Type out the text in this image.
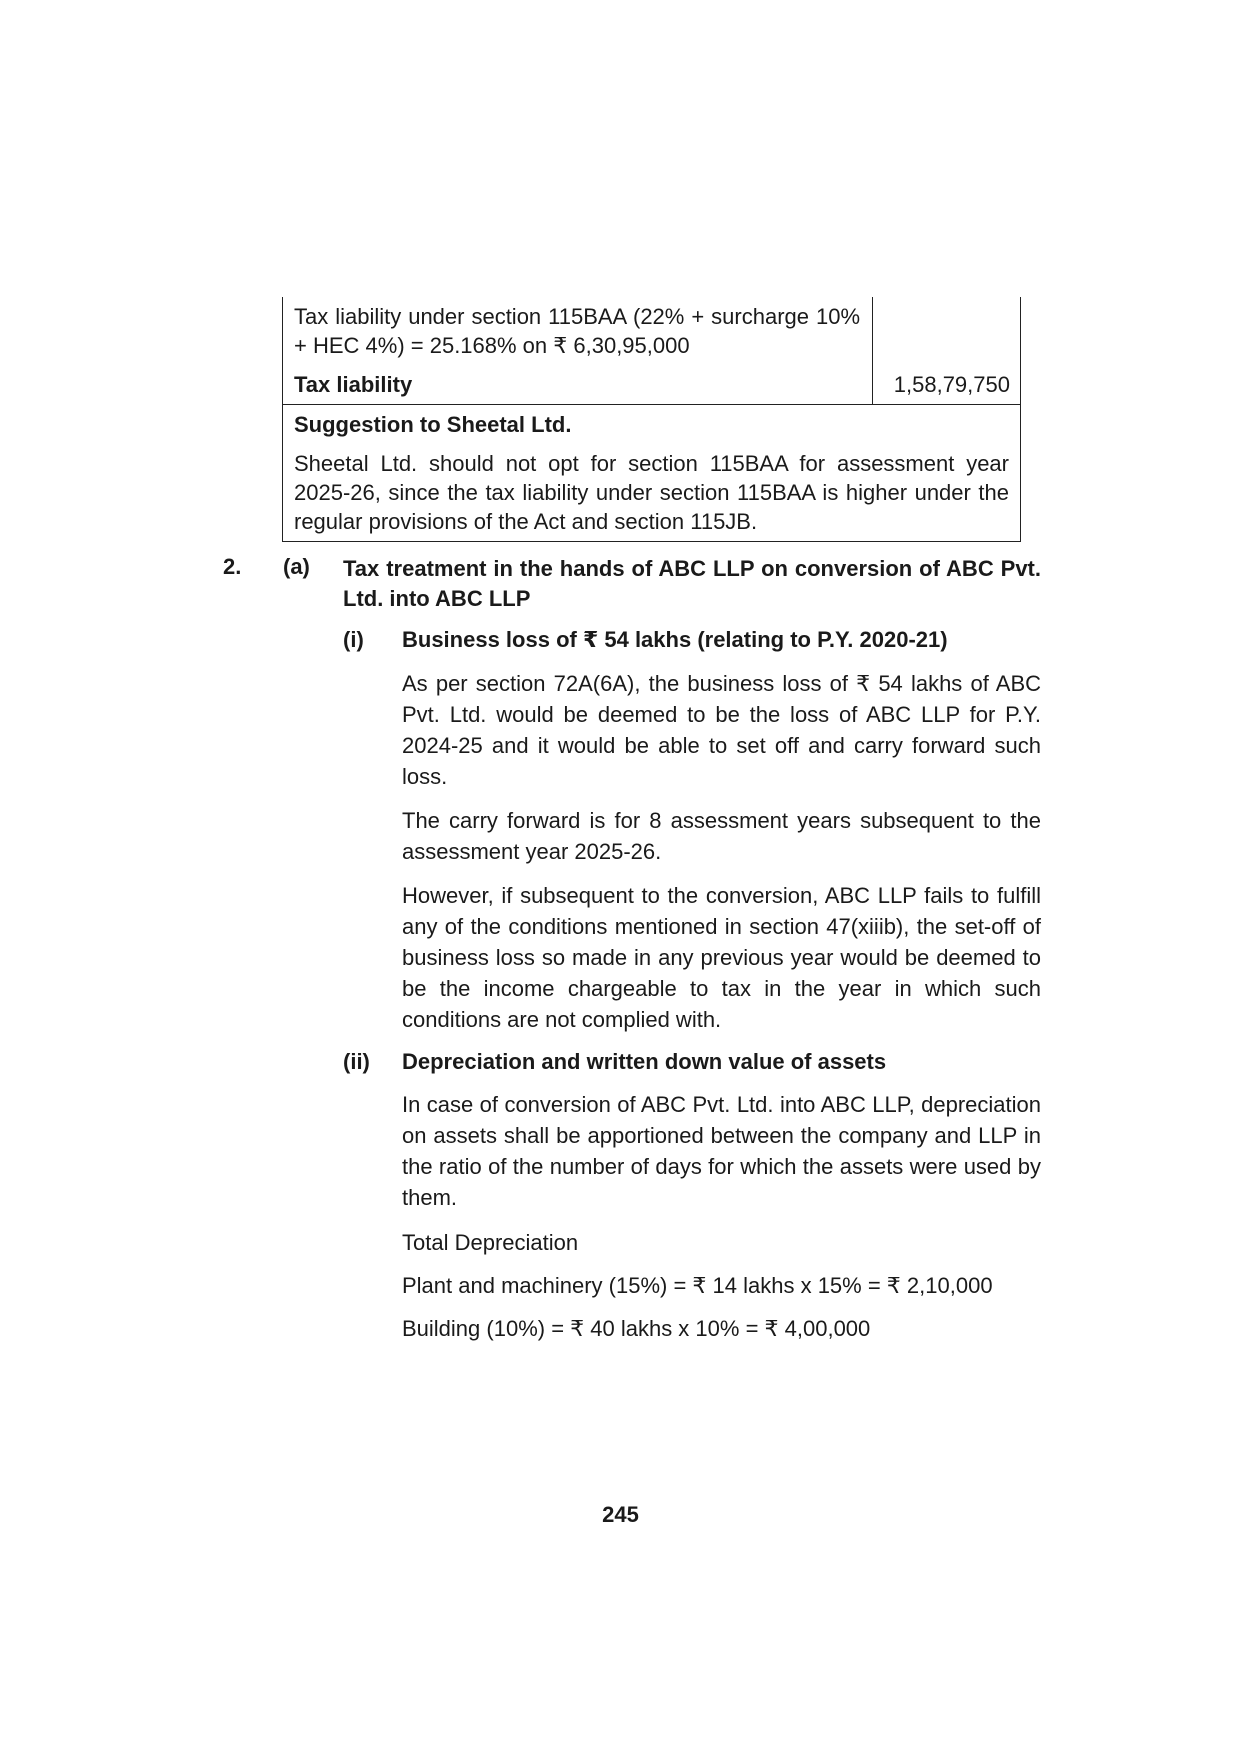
Tax liability under section 115BAA (22% + surcharge 10% + HEC 4%) = 25.168% on ₹ 6,30,95,000
Tax liability	1,58,79,750
Suggestion to Sheetal Ltd.
Sheetal Ltd. should not opt for section 115BAA for assessment year 2025-26, since the tax liability under section 115BAA is higher under the regular provisions of the Act and section 115JB.
2. (a) Tax treatment in the hands of ABC LLP on conversion of ABC Pvt. Ltd. into ABC LLP
(i) Business loss of ₹ 54 lakhs (relating to P.Y. 2020-21)

As per section 72A(6A), the business loss of ₹ 54 lakhs of ABC Pvt. Ltd. would be deemed to be the loss of ABC LLP for P.Y. 2024-25 and it would be able to set off and carry forward such loss.

The carry forward is for 8 assessment years subsequent to the assessment year 2025-26.

However, if subsequent to the conversion, ABC LLP fails to fulfill any of the conditions mentioned in section 47(xiiib), the set-off of business loss so made in any previous year would be deemed to be the income chargeable to tax in the year in which such conditions are not complied with.

(ii) Depreciation and written down value of assets

In case of conversion of ABC Pvt. Ltd. into ABC LLP, depreciation on assets shall be apportioned between the company and LLP in the ratio of the number of days for which the assets were used by them.

Total Depreciation
Plant and machinery (15%) = ₹ 14 lakhs x 15% = ₹ 2,10,000
Building (10%) = ₹ 40 lakhs x 10% = ₹ 4,00,000
245
